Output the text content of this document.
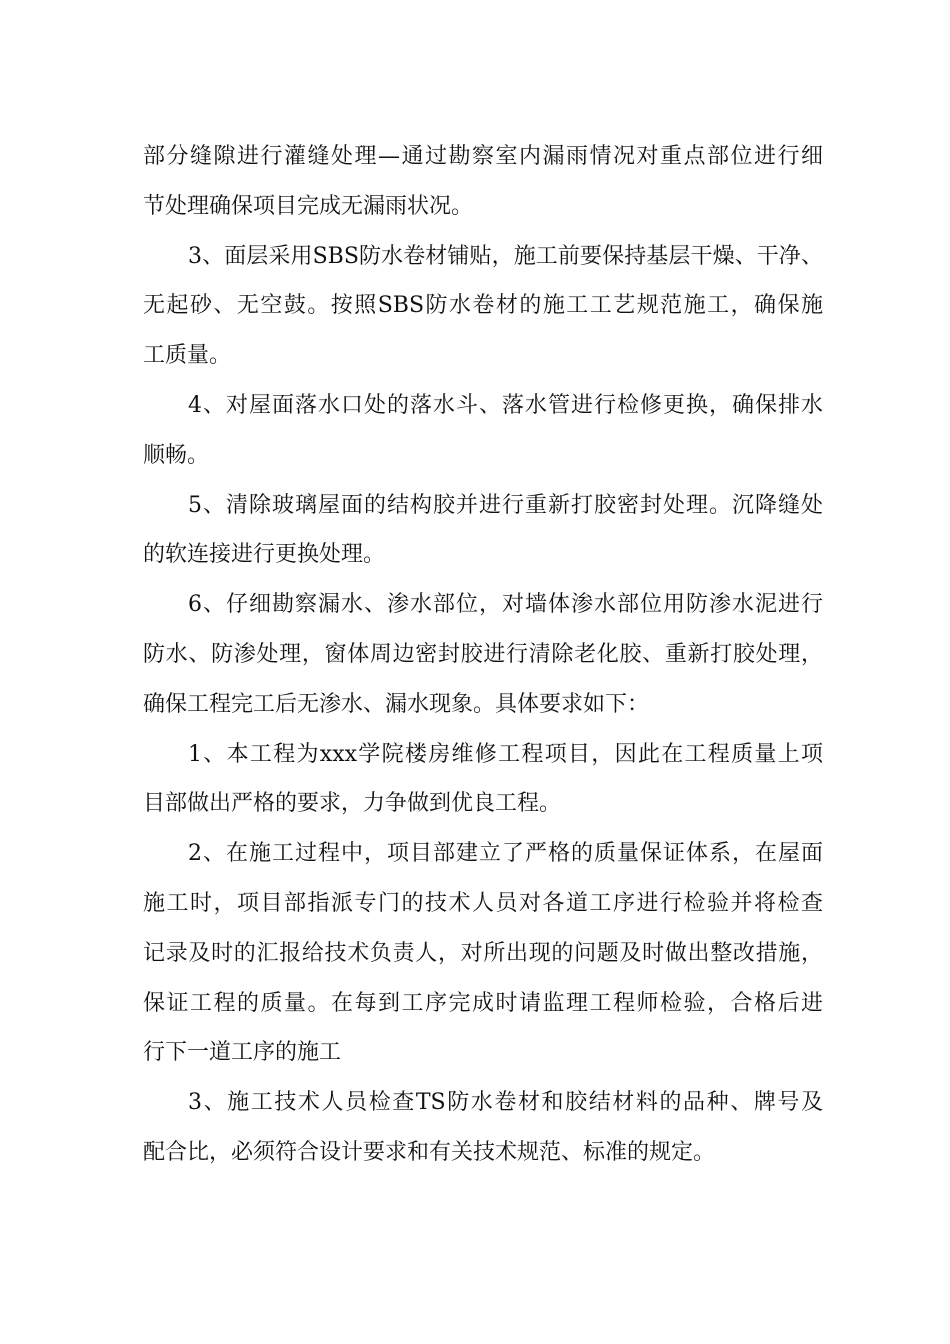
部分缝隙进行灌缝处理—通过勘察室内漏雨情况对重点部位进行细
节处理确保项目完成无漏雨状况。
3、面层采用SBS防水卷材铺贴，施工前要保持基层干燥、干净、
无起砂、无空鼓。按照SBS防水卷材的施工工艺规范施工，确保施
工质量。
4、对屋面落水口处的落水斗、落水管进行检修更换，确保排水
顺畅。
5、清除玻璃屋面的结构胶并进行重新打胶密封处理。沉降缝处
的软连接进行更换处理。
6、仔细勘察漏水、渗水部位，对墙体渗水部位用防渗水泥进行
防水、防渗处理，窗体周边密封胶进行清除老化胶、重新打胶处理，
确保工程完工后无渗水、漏水现象。具体要求如下：
1、本工程为xxx学院楼房维修工程项目，因此在工程质量上项
目部做出严格的要求，力争做到优良工程。
2、在施工过程中，项目部建立了严格的质量保证体系，在屋面
施工时，项目部指派专门的技术人员对各道工序进行检验并将检查
记录及时的汇报给技术负责人，对所出现的问题及时做出整改措施，
保证工程的质量。在每到工序完成时请监理工程师检验，合格后进
行下一道工序的施工
3、施工技术人员检查TS防水卷材和胶结材料的品种、牌号及
配合比，必须符合设计要求和有关技术规范、标准的规定。
